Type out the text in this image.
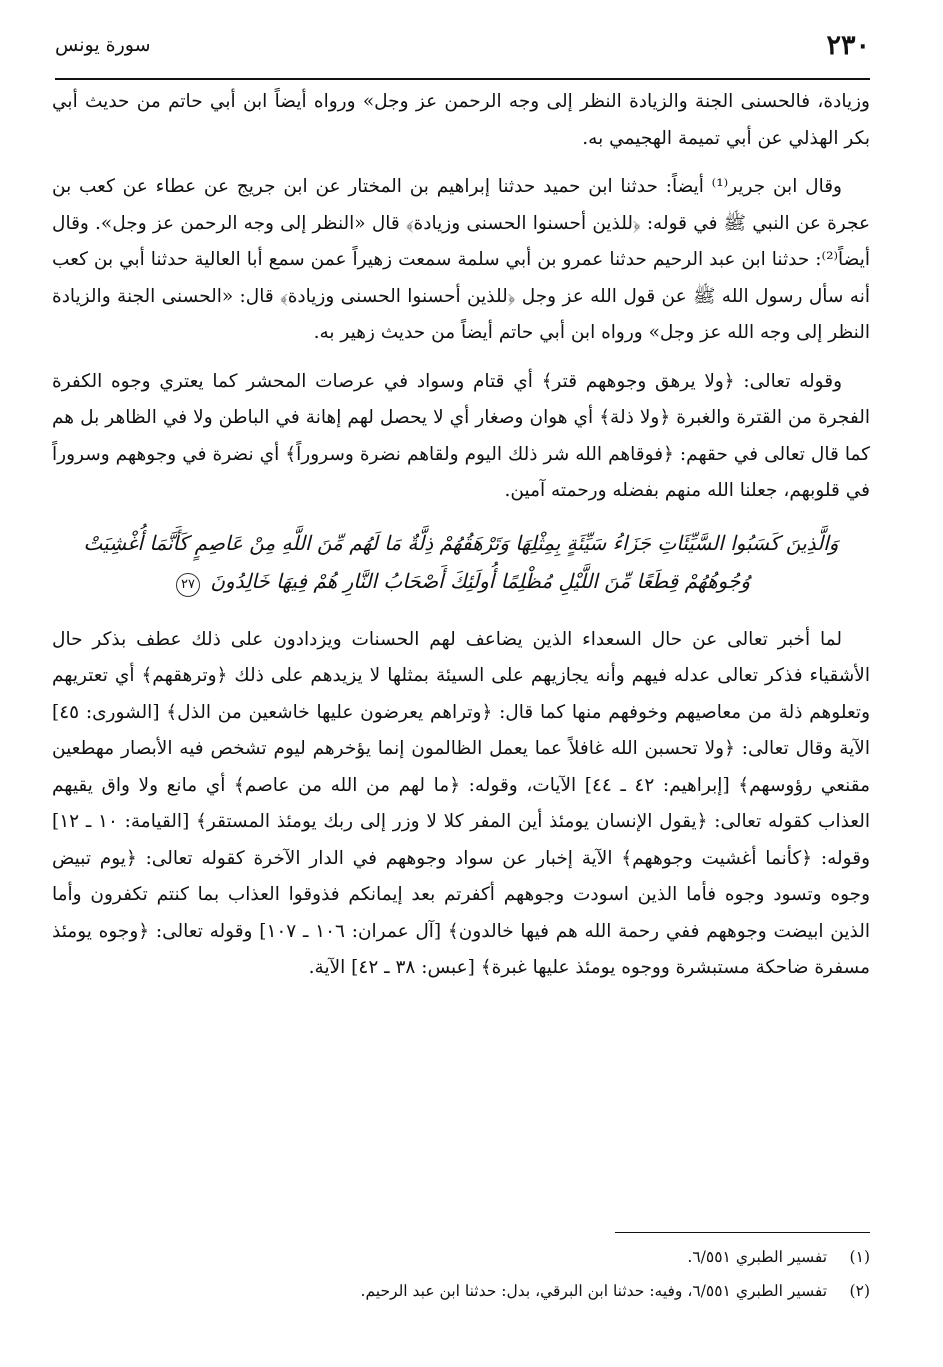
٢٣٠
سورة يونس

وزيادة، فالحسنى الجنة والزيادة النظر إلى وجه الرحمن عز وجل» ورواه أيضاً ابن أبي حاتم من حديث أبي بكر الهذلي عن أبي تميمة الهجيمي به.

وقال ابن جرير⁽¹⁾ أيضاً: حدثنا ابن حميد حدثنا إبراهيم بن المختار عن ابن جريج عن عطاء عن كعب بن عجرة عن النبي ﷺ في قوله: ﴿للذين أحسنوا الحسنى وزيادة﴾ قال «النظر إلى وجه الرحمن عز وجل». وقال أيضاً⁽²⁾: حدثنا ابن عبد الرحيم حدثنا عمرو بن أبي سلمة سمعت زهيراً عمن سمع أبا العالية حدثنا أبي بن كعب أنه سأل رسول الله ﷺ عن قول الله عز وجل ﴿للذين أحسنوا الحسنى وزيادة﴾ قال: «الحسنى الجنة والزيادة النظر إلى وجه الله عز وجل» ورواه ابن أبي حاتم أيضاً من حديث زهير به.

وقوله تعالى: ﴿ولا يرهق وجوههم قتر﴾ أي قتام وسواد في عرصات المحشر كما يعتري وجوه الكفرة الفجرة من القترة والغبرة ﴿ولا ذلة﴾ أي هوان وصغار أي لا يحصل لهم إهانة في الباطن ولا في الظاهر بل هم كما قال تعالى في حقهم: ﴿فوقاهم الله شر ذلك اليوم ولقاهم نضرة وسروراً﴾ أي نضرة في وجوههم وسروراً في قلوبهم، جعلنا الله منهم بفضله ورحمته آمين.

وَالَّذِينَ كَسَبُوا السَّيِّئَاتِ جَزَاءُ سَيِّئَةٍ بِمِثْلِهَا وَتَرْهَقُهُمْ ذِلَّةٌ مَا لَهُم مِّنَ اللَّهِ مِنْ عَاصِمٍ كَأَنَّمَا أُغْشِيَتْ وُجُوهُهُمْ قِطَعًا مِّنَ اللَّيْلِ مُظْلِمًا أُولَئِكَ أَصْحَابُ النَّارِ هُمْ فِيهَا خَالِدُونَ ٢٧

لما أخبر تعالى عن حال السعداء الذين يضاعف لهم الحسنات ويزدادون على ذلك عطف بذكر حال الأشقياء فذكر تعالى عدله فيهم وأنه يجازيهم على السيئة بمثلها لا يزيدهم على ذلك ﴿وترهقهم﴾ أي تعتريهم وتعلوهم ذلة من معاصيهم وخوفهم منها كما قال: ﴿وتراهم يعرضون عليها خاشعين من الذل﴾ [الشورى: ٤٥] الآية وقال تعالى: ﴿ولا تحسبن الله غافلاً عما يعمل الظالمون إنما يؤخرهم ليوم تشخص فيه الأبصار مهطعين مقنعي رؤوسهم﴾ [إبراهيم: ٤٢ ـ ٤٤] الآيات، وقوله: ﴿ما لهم من الله من عاصم﴾ أي مانع ولا واق يقيهم العذاب كقوله تعالى: ﴿يقول الإنسان يومئذ أين المفر كلا لا وزر إلى ربك يومئذ المستقر﴾ [القيامة: ١٠ ـ ١٢] وقوله: ﴿كأنما أغشيت وجوههم﴾ الآية إخبار عن سواد وجوههم في الدار الآخرة كقوله تعالى: ﴿يوم تبيض وجوه وتسود وجوه فأما الذين اسودت وجوههم أكفرتم بعد إيمانكم فذوقوا العذاب بما كنتم تكفرون وأما الذين ابيضت وجوههم ففي رحمة الله هم فيها خالدون﴾ [آل عمران: ١٠٦ ـ ١٠٧] وقوله تعالى: ﴿وجوه يومئذ مسفرة ضاحكة مستبشرة ووجوه يومئذ عليها غبرة﴾ [عبس: ٣٨ ـ ٤٢] الآية.

(١) تفسير الطبري ٦/٥٥١.

(٢) تفسير الطبري ٦/٥٥١، وفيه: حدثنا ابن البرقي، بدل: حدثنا ابن عبد الرحيم.
